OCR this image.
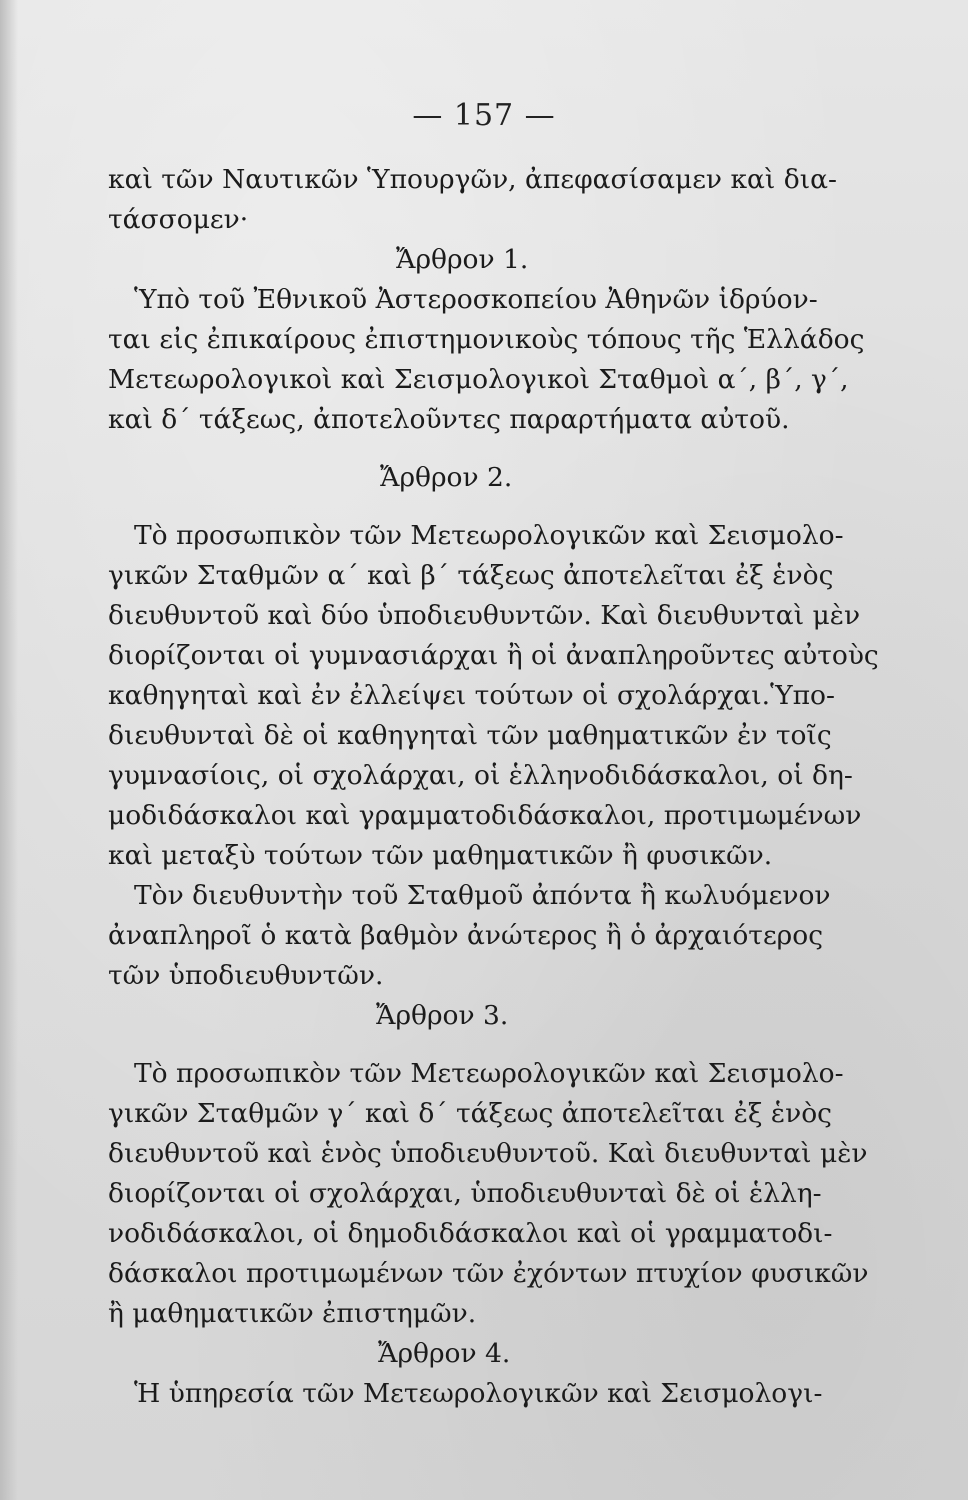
— 157 —
καὶ τῶν Ναυτικῶν Ὑπουργῶν, ἀπεφασίσαμεν καὶ δια-
τάσσομεν·
Ἄρθρον 1.
Ὑπὸ τοῦ Ἐθνικοῦ Ἀστεροσκοπείου Ἀθηνῶν ἱδρύον-
ται εἰς ἐπικαίρους ἐπιστημονικοὺς τόπους τῆς Ἑλλάδος
Μετεωρολογικοὶ καὶ Σεισμολογικοὶ Σταθμοὶ α΄, β΄, γ΄,
καὶ δ΄ τάξεως, ἀποτελοῦντες παραρτήματα αὐτοῦ.
Ἄρθρον 2.
Τὸ προσωπικὸν τῶν Μετεωρολογικῶν καὶ Σεισμολο-
γικῶν Σταθμῶν α΄ καὶ β΄ τάξεως ἀποτελεῖται ἐξ ἑνὸς
διευθυντοῦ καὶ δύο ὑποδιευθυντῶν. Καὶ διευθυνταὶ μὲν
διορίζονται οἱ γυμνασιάρχαι ἢ οἱ ἀναπληροῦντες αὐτοὺς
καθηγηταὶ καὶ ἐν ἐλλείψει τούτων οἱ σχολάρχαι.Ὑπο-
διευθυνταὶ δὲ οἱ καθηγηταὶ τῶν μαθηματικῶν ἐν τοῖς
γυμνασίοις, οἱ σχολάρχαι, οἱ ἑλληνοδιδάσκαλοι, οἱ δη-
μοδιδάσκαλοι καὶ γραμματοδιδάσκαλοι, προτιμωμένων
καὶ μεταξὺ τούτων τῶν μαθηματικῶν ἢ φυσικῶν.
Τὸν διευθυντὴν τοῦ Σταθμοῦ ἀπόντα ἢ κωλυόμενον
ἀναπληροῖ ὁ κατὰ βαθμὸν ἀνώτερος ἢ ὁ ἀρχαιότερος
τῶν ὑποδιευθυντῶν.
Ἄρθρον 3.
Τὸ προσωπικὸν τῶν Μετεωρολογικῶν καὶ Σεισμολο-
γικῶν Σταθμῶν γ΄ καὶ δ΄ τάξεως ἀποτελεῖται ἐξ ἑνὸς
διευθυντοῦ καὶ ἑνὸς ὑποδιευθυντοῦ. Καὶ διευθυνταὶ μὲν
διορίζονται οἱ σχολάρχαι, ὑποδιευθυνταὶ δὲ οἱ ἑλλη-
νοδιδάσκαλοι, οἱ δημοδιδάσκαλοι καὶ οἱ γραμματοδι-
δάσκαλοι προτιμωμένων τῶν ἐχόντων πτυχίον φυσικῶν
ἢ μαθηματικῶν ἐπιστημῶν.
Ἄρθρον 4.
Ἡ ὑπηρεσία τῶν Μετεωρολογικῶν καὶ Σεισμολογι-
